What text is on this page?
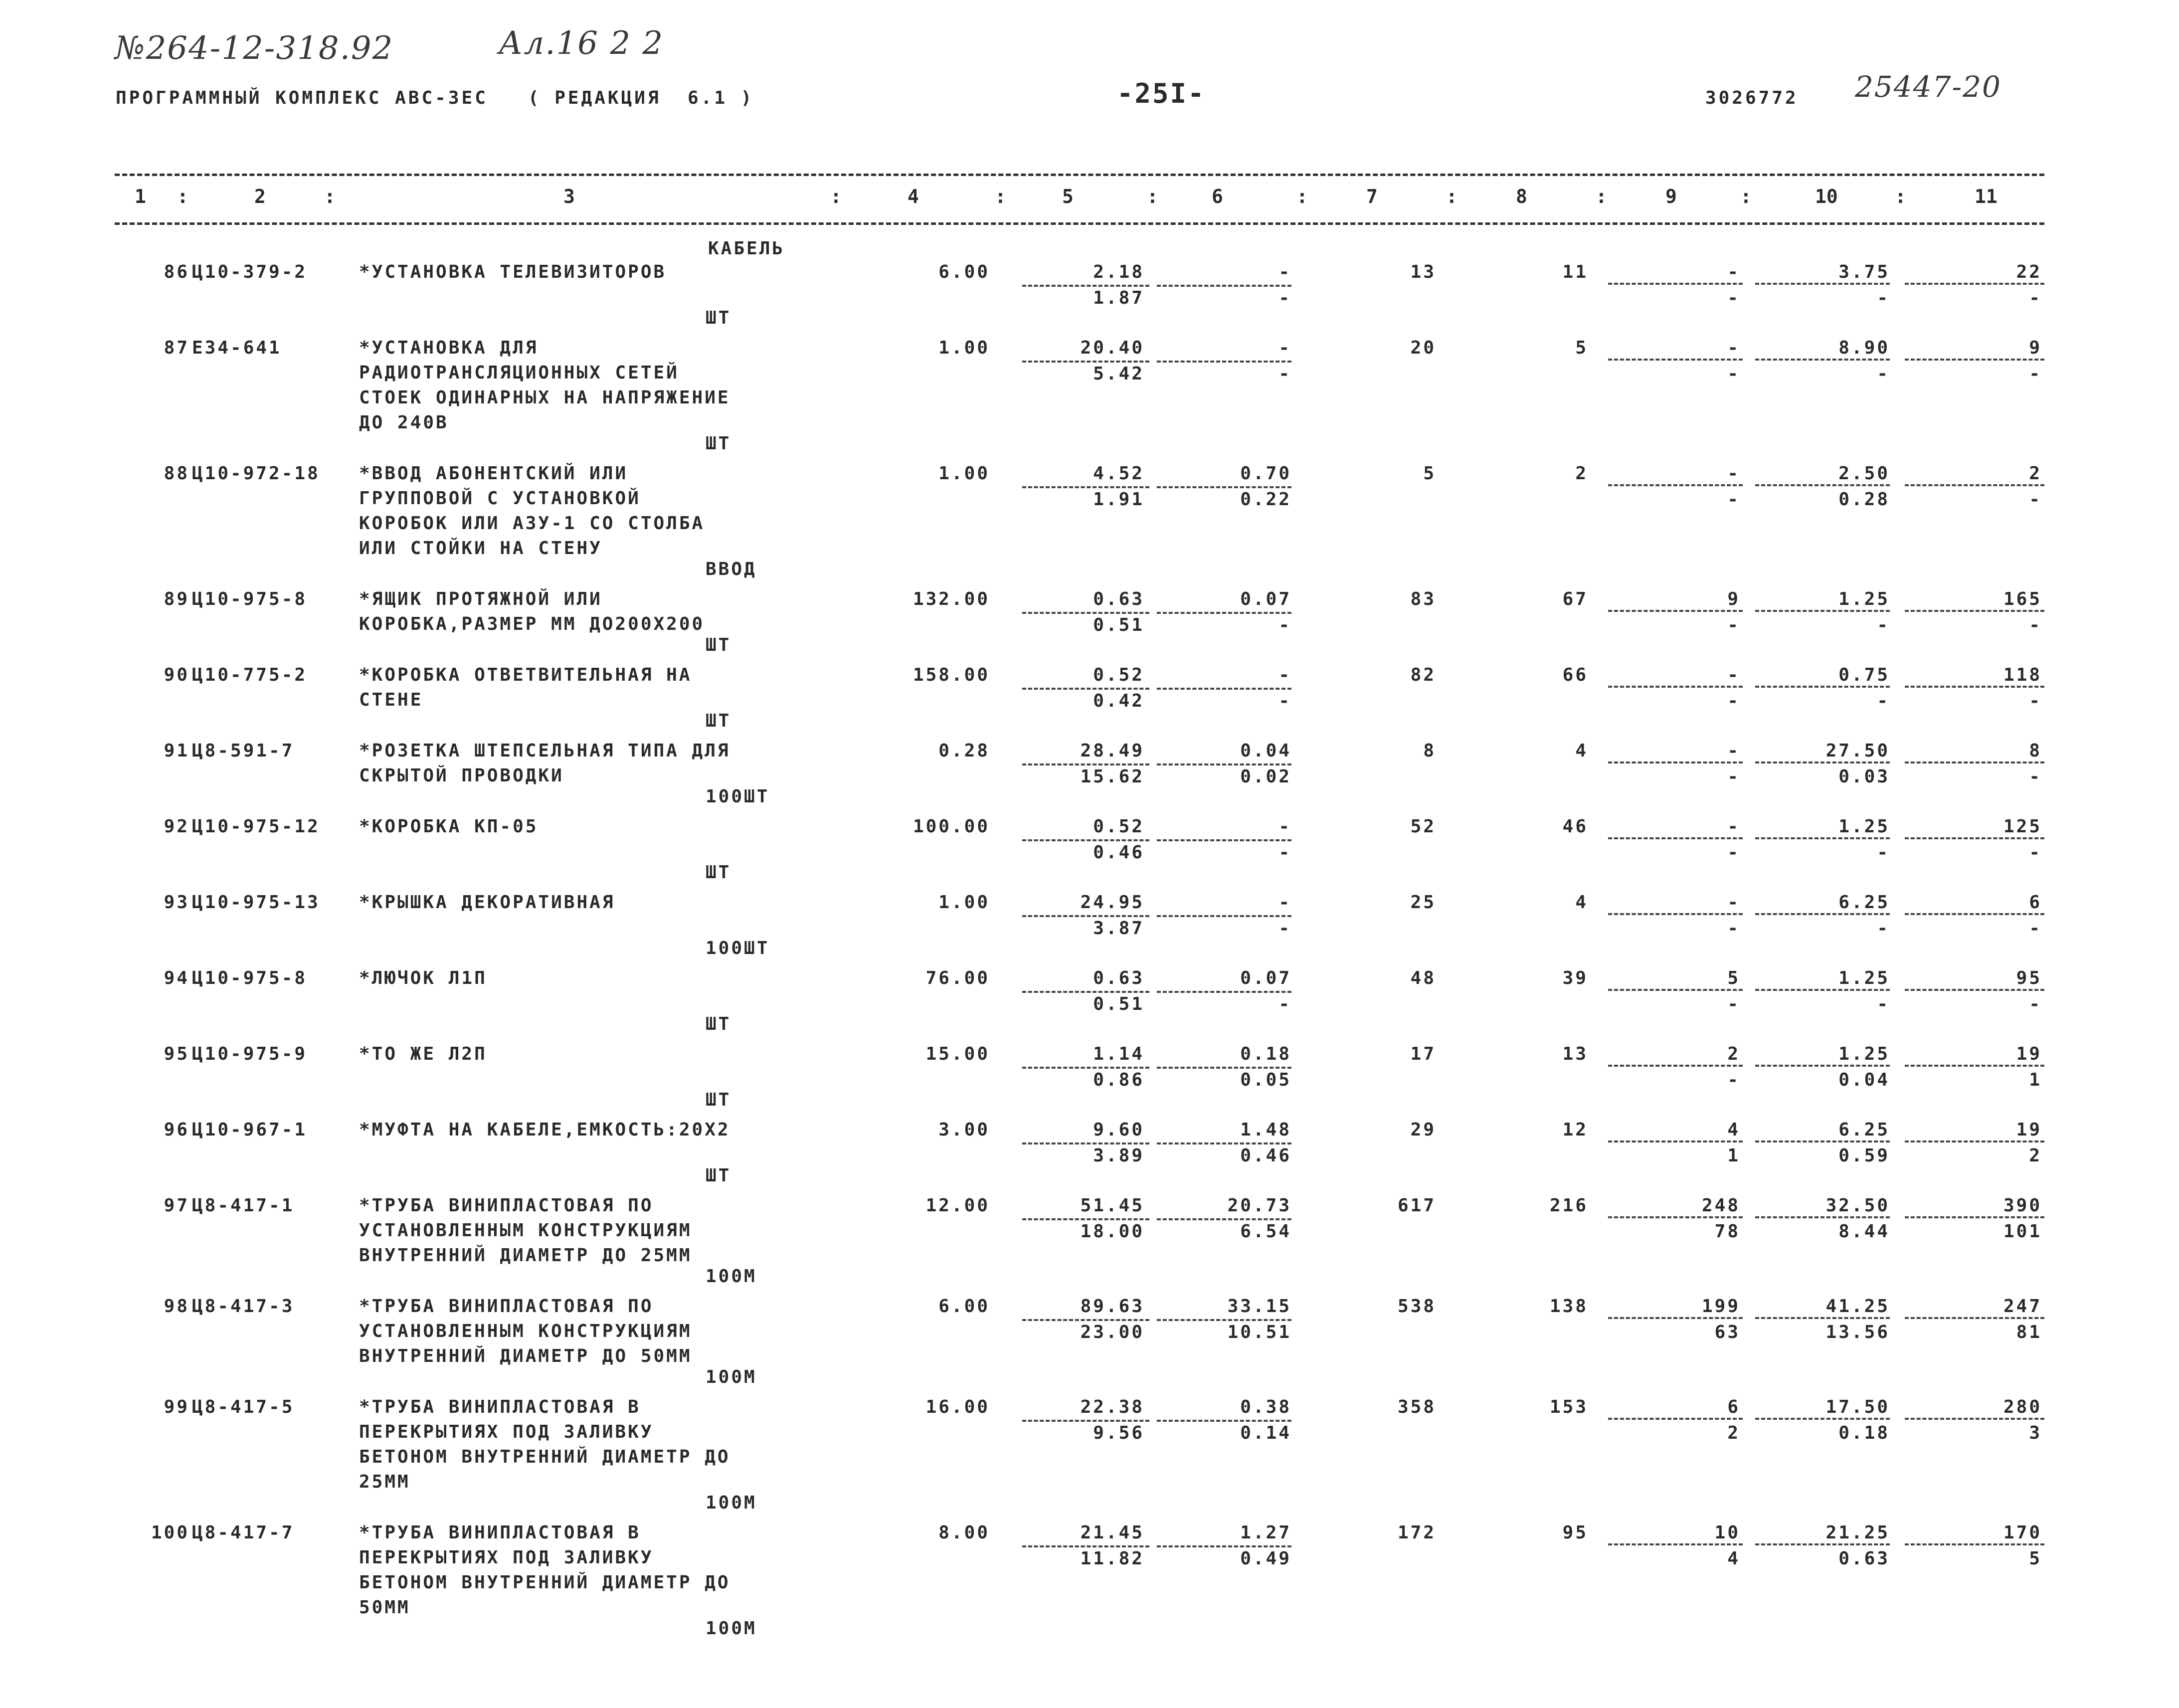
№264-12-318.92	Ал.16 2 2
25447-20
ПРОГРАММНЫЙ КОМПЛЕКС АВС-3ЕС   ( РЕДАКЦИЯ  6.1 )	-25I-	3026772
1	2	3	4	5	6	7	8	9	10	11
:	:	:	:	:	:	:	:	:	:
КАБЕЛЬ
86 Ц10-379-2	*УСТАНОВКА ТЕЛЕВИЗИТОРОВ	6.00	2.18	-	13	11	-	3.75	22
1.87	-	-	-	-
ШТ
87 Е34-641	*УСТАНОВКА ДЛЯ
РАДИОТРАНСЛЯЦИОННЫХ СЕТЕЙ
СТОЕК ОДИНАРНЫХ НА НАПРЯЖЕНИЕ
ДО 240В
1.00	20.40	-	20	5	-	8.90	9
5.42	-	-	-	-
ШТ
88 Ц10-972-18 *ВВОД АБОНЕНТСКИЙ ИЛИ
ГРУППОВОЙ С УСТАНОВКОЙ
КОРОБОК ИЛИ АЗУ-1 СО СТОЛБА
ИЛИ СТОЙКИ НА СТЕНУ
1.00	4.52	0.70	5	2	-	2.50	2
1.91	0.22	-	0.28	-
ВВОД
89 Ц10-975-8	*ЯЩИК ПРОТЯЖНОЙ ИЛИ
КОРОБКА,РАЗМЕР ММ ДО200Х200
132.00	0.63	0.07	83	67	9	1.25	165
0.51	-	-	-	-
ШТ
90 Ц10-775-2	*КОРОБКА ОТВЕТВИТЕЛЬНАЯ НА
СТЕНЕ
158.00	0.52	-	82	66	-	0.75	118
0.42	-	-	-	-
ШТ
91 Ц8-591-7	*РОЗЕТКА ШТЕПСЕЛЬНАЯ ТИПА ДЛЯ
СКРЫТОЙ ПРОВОДКИ
0.28	28.49	0.04	8	4	-	27.50	8
15.62	0.02	-	0.03	-
100ШТ
92 Ц10-975-12 *КОРОБКА КП-05	100.00	0.52	-	52	46	-	1.25	125
0.46	-	-	-	-
ШТ
93 Ц10-975-13 *КРЫШКА ДЕКОРАТИВНАЯ	1.00	24.95	-	25	4	-	6.25	6
3.87	-	-	-	-
100ШТ
94 Ц10-975-8	*ЛЮЧОК Л1П	76.00	0.63	0.07	48	39	5	1.25	95
0.51	-	-	-	-
ШТ
95 Ц10-975-9	*ТО ЖЕ Л2П	15.00	1.14	0.18	17	13	2	1.25	19
0.86	0.05	-	0.04	1
ШТ
96 Ц10-967-1	*МУФТА НА КАБЕЛЕ,ЕМКОСТЬ:20Х2	3.00	9.60	1.48	29	12	4	6.25	19
3.89	0.46	1	0.59	2
ШТ
97 Ц8-417-1	*ТРУБА ВИНИПЛАСТОВАЯ ПО
УСТАНОВЛЕННЫМ КОНСТРУКЦИЯМ
ВНУТРЕННИЙ ДИАМЕТР ДО 25ММ
12.00	51.45	20.73	617	216	248	32.50	390
18.00	6.54	78	8.44	101
100М
98 Ц8-417-3	*ТРУБА ВИНИПЛАСТОВАЯ ПО
УСТАНОВЛЕННЫМ КОНСТРУКЦИЯМ
ВНУТРЕННИЙ ДИАМЕТР ДО 50ММ
6.00	89.63	33.15	538	138	199	41.25	247
23.00	10.51	63	13.56	81
100М
99 Ц8-417-5	*ТРУБА ВИНИПЛАСТОВАЯ В
ПЕРЕКРЫТИЯХ ПОД ЗАЛИВКУ
БЕТОНОМ ВНУТРЕННИЙ ДИАМЕТР ДО
25ММ
16.00	22.38	0.38	358	153	6	17.50	280
9.56	0.14	2	0.18	3
100М
100 Ц8-417-7	*ТРУБА ВИНИПЛАСТОВАЯ В
ПЕРЕКРЫТИЯХ ПОД ЗАЛИВКУ
БЕТОНОМ ВНУТРЕННИЙ ДИАМЕТР ДО
50ММ
8.00	21.45	1.27	172	95	10	21.25	170
11.82	0.49	4	0.63	5
100М
